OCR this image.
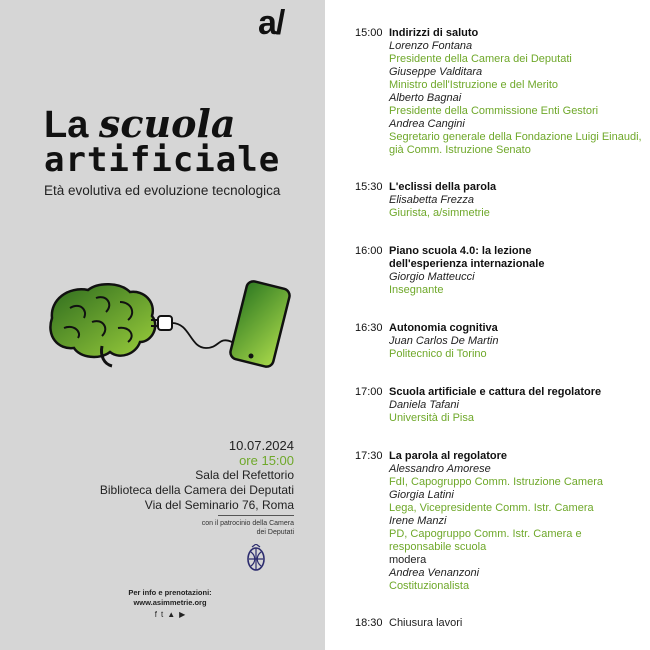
a/
La scuola
artificiale
Età evolutiva ed evoluzione tecnologica
10.07.2024
ore 15:00
Sala del Refettorio
Biblioteca della Camera dei Deputati
Via del Seminario 76, Roma
con il patrocinio della Camera dei Deputati
Per info e prenotazioni:
www.asimmetrie.org
f t ▲ ▶
15:00 Indirizzi di saluto
Lorenzo Fontana
Presidente della Camera dei Deputati
Giuseppe Valditara
Ministro dell'Istruzione e del Merito
Alberto Bagnai
Presidente della Commissione Enti Gestori
Andrea Cangini
Segretario generale della Fondazione Luigi Einaudi, già Comm. Istruzione Senato
15:30 L'eclissi della parola
Elisabetta Frezza
Giurista, a/simmetrie
16:00 Piano scuola 4.0: la lezione dell'esperienza internazionale
Giorgio Matteucci
Insegnante
16:30 Autonomia cognitiva
Juan Carlos De Martin
Politecnico di Torino
17:00 Scuola artificiale e cattura del regolatore
Daniela Tafani
Università di Pisa
17:30 La parola al regolatore
Alessandro Amorese
FdI, Capogruppo Comm. Istruzione Camera
Giorgia Latini
Lega, Vicepresidente Comm. Istr. Camera
Irene Manzi
PD, Capogruppo Comm. Istr. Camera e responsabile scuola
modera
Andrea Venanzoni
Costituzionalista
18:30 Chiusura lavori
